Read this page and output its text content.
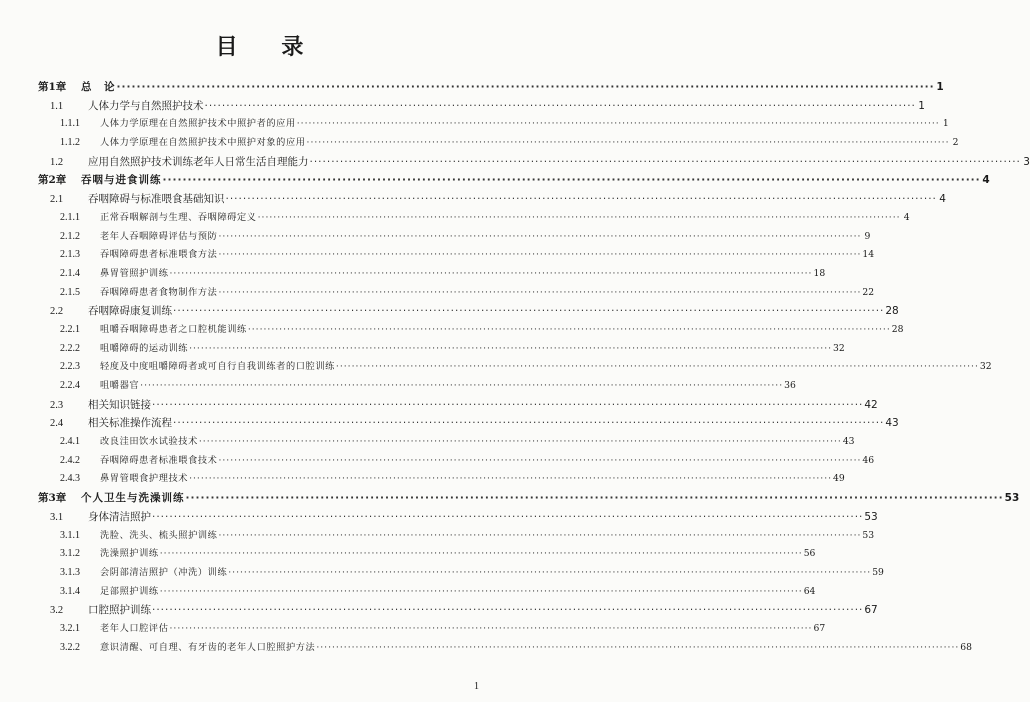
目 录
第1章	总　论 ·····	1
1.1	人体力学与自然照护技术 ·····	1
1.1.1	人体力学原理在自然照护技术中照护者的应用 ·····	1
1.1.2	人体力学原理在自然照护技术中照护对象的应用 ·····	2
1.2	应用自然照护技术训练老年人日常生活自理能力 ·····	3
第2章	吞咽与进食训练 ·····	4
2.1	吞咽障碍与标准喂食基础知识 ·····	4
2.1.1	正常吞咽解剖与生理、吞咽障碍定义 ·····	4
2.1.2	老年人吞咽障碍评估与预防 ·····	9
2.1.3	吞咽障碍患者标准喂食方法 ·····	14
2.1.4	鼻胃管照护训练 ·····	18
2.1.5	吞咽障碍患者食物制作方法 ·····	22
2.2	吞咽障碍康复训练 ·····	28
2.2.1	咀嚼吞咽障碍患者之口腔机能训练 ·····	28
2.2.2	咀嚼障碍的运动训练 ·····	32
2.2.3	轻度及中度咀嚼障碍者或可自行自我训练者的口腔训练 ·····	32
2.2.4	咀嚼器官 ·····	36
2.3	相关知识链接 ·····	42
2.4	相关标准操作流程 ·····	43
2.4.1	改良洼田饮水试验技术 ·····	43
2.4.2	吞咽障碍患者标准喂食技术 ·····	46
2.4.3	鼻胃管喂食护理技术 ·····	49
第3章	个人卫生与洗澡训练 ·····	53
3.1	身体清洁照护 ·····	53
3.1.1	洗脸、洗头、梳头照护训练 ·····	53
3.1.2	洗澡照护训练 ·····	56
3.1.3	会阴部清洁照护（冲洗）训练 ·····	59
3.1.4	足部照护训练 ·····	64
3.2	口腔照护训练 ·····	67
3.2.1	老年人口腔评估 ·····	67
3.2.2	意识清醒、可自理、有牙齿的老年人口腔照护方法 ·····	68
1
